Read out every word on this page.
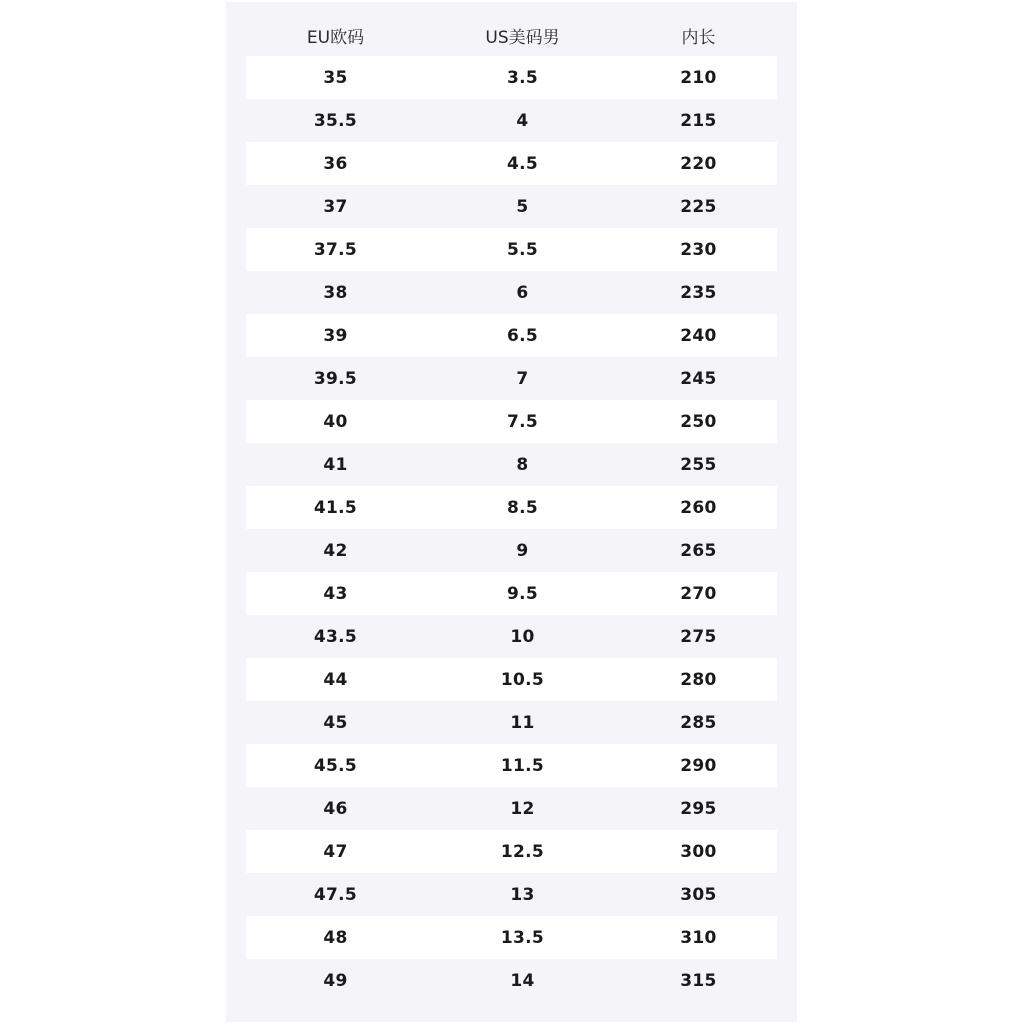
EU欧码	US美码男	内长
35	3.5	210
35.5	4	215
36	4.5	220
37	5	225
37.5	5.5	230
38	6	235
39	6.5	240
39.5	7	245
40	7.5	250
41	8	255
41.5	8.5	260
42	9	265
43	9.5	270
43.5	10	275
44	10.5	280
45	11	285
45.5	11.5	290
46	12	295
47	12.5	300
47.5	13	305
48	13.5	310
49	14	315
